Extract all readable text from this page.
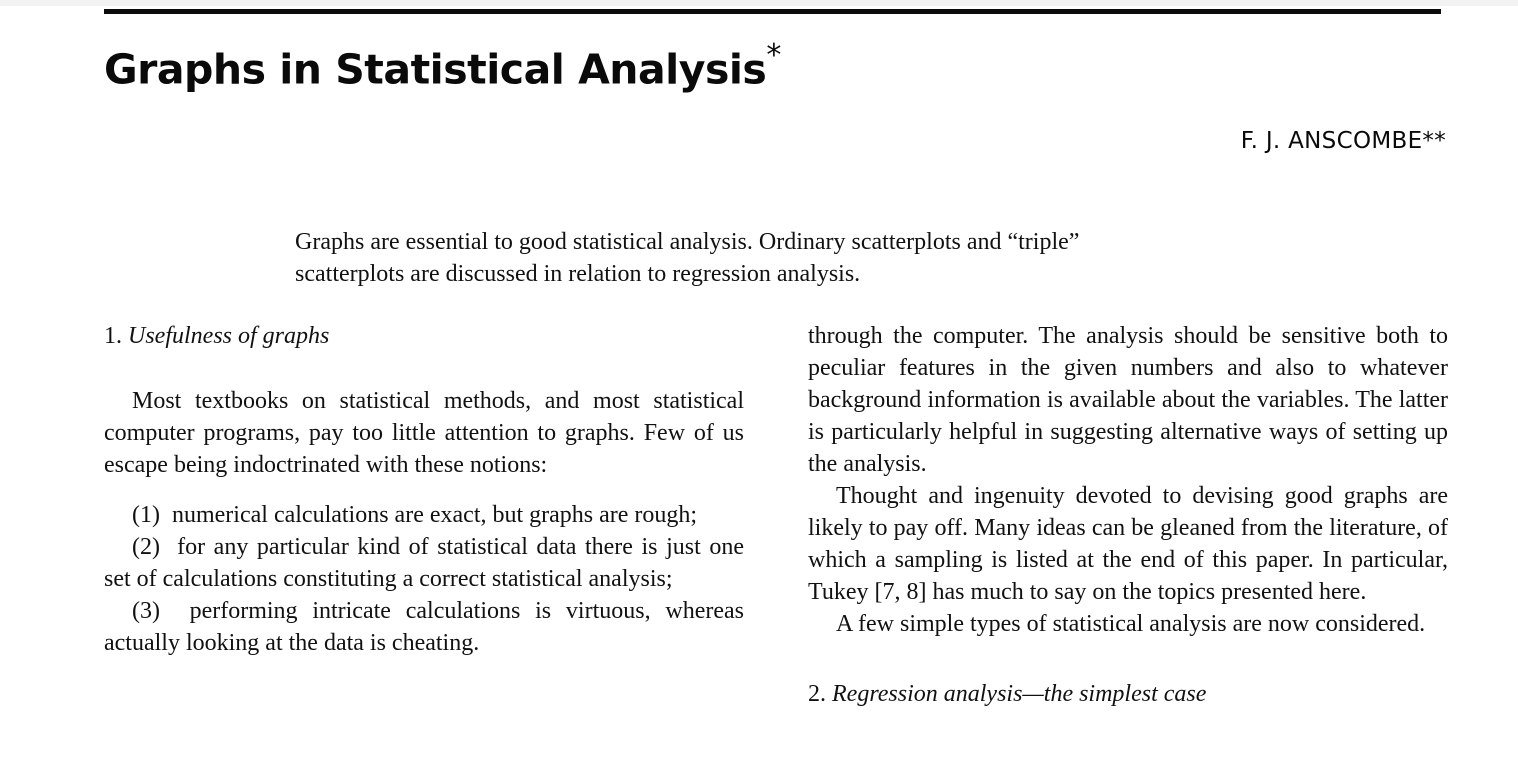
Graphs in Statistical Analysis*
F. J. ANSCOMBE**
Graphs are essential to good statistical analysis. Ordinary scatterplots and “triple”
scatterplots are discussed in relation to regression analysis.
1. Usefulness of graphs

Most textbooks on statistical methods, and most statistical computer programs, pay too little attention to graphs. Few of us escape being indoctrinated with these notions:

(1) numerical calculations are exact, but graphs are rough;

(2) for any particular kind of statistical data there is just one set of calculations constituting a correct statistical analysis;

(3) performing intricate calculations is virtuous, whereas actually looking at the data is cheating.

through the computer. The analysis should be sensitive both to peculiar features in the given numbers and also to whatever background information is available about the variables. The latter is particularly helpful in suggesting alternative ways of setting up the analysis.

Thought and ingenuity devoted to devising good graphs are likely to pay off. Many ideas can be gleaned from the literature, of which a sampling is listed at the end of this paper. In particular, Tukey [7, 8] has much to say on the topics presented here.

A few simple types of statistical analysis are now considered.

2. Regression analysis—the simplest case
